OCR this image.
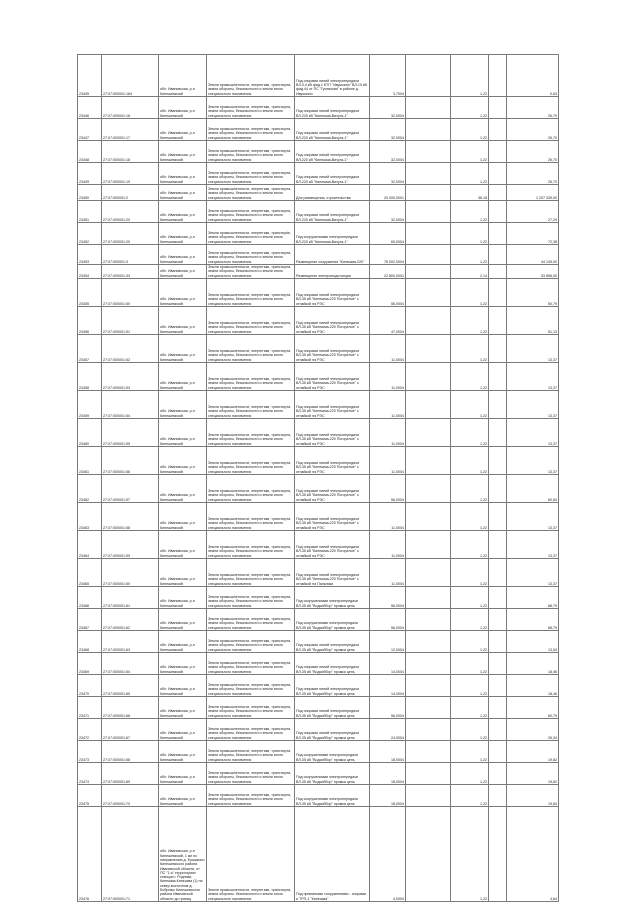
23445	27:07:000001:164	обл. Ивановская, р-н Кинешемский	Земли промышленности, энергетики, транспорта, земли обороны, безопасности и земли иного специального назначения	Под опорами линий электропередачи ВЛ-0,4 кВ фид.1 КТП "Ивушкино" ВЛ-10 кВ фид.44 от ПС "Гусевская" в районе д. Ивушкино	3,7004		1,22		0,63
23446	27:07:000001:16	обл. Ивановская, р-н Кинешемский	Земли промышленности, энергетики, транспорта, земли обороны, безопасности и земли иного специального назначения	Под опорами линий электропередачи ВЛ-220 кВ "Кинешма-Вичуга-1"	32,0004		1,22		26,70
23447	27:07:000001:17	обл. Ивановская, р-н Кинешемский	Земли промышленности, энергетики, транспорта, земли обороны, безопасности и земли иного специального назначения	Под опорами линий электропередачи ВЛ-220 кВ "Кинешма-Вичуга-1"	32,0004		1,22		26,70
23448	27:07:000001:18	обл. Ивановская, р-н Кинешемский	Земли промышленности, энергетики, транспорта, земли обороны, безопасности и земли иного специального назначения	Под опорами линий электропередачи ВЛ-220 кВ "Кинешма-Вичуга-1"	32,0004		1,22		26,70
23449	27:07:000001:19	обл. Ивановская, р-н Кинешемский	Земли промышленности, энергетики, транспорта, земли обороны, безопасности и земли иного специального назначения	Под опорами линий электропередачи ВЛ-220 кВ "Кинешма-Вичуга-1"	32,0004		1,22		26,70
23450	27:07:000001:2	обл. Ивановская, р-н Кинешемский	Земли промышленности, энергетики, транспорта, земли обороны, безопасности и земли иного специального назначения	Для размещения, строительства	20 000,0001		36,18		1 207 339,00
23451	27:07:000001:20	обл. Ивановская, р-н Кинешемский	Земли промышленности, энергетики, транспорта, земли обороны, безопасности и земли иного специального назначения	Под опорами линий электропередачи ВЛ-220 кВ "Кинешма-Вичуга-1"	32,0004		1,22		27,29
23452	27:07:000001:20	обл. Ивановская, р-н Кинешемский	Земли промышленности, энергетики, транспорta, земли обороны, безопасности и земли иного специального назначения	Под сооружениями электропередачи ВЛ-220 кВ "Кинешма-Вичуга-1"	60,0004		1,22		72,38
23453	27:07:000001:3	обл. Ивановская, р-н Кинешемский	Земли промышленности, энергетики, транспорта, земли обороны, безопасности и земли иного специального назначения	Размещение сооружения "Кинешма-220"	76 002,0004		1,22		44 149,00
23454	27:07:000001:33	обл. Ивановская, р-н Кинешемский	Земли промышленности, энергетики, транспорта, земли обороны, безопасности и земли иного специального назначения	Размещение электроподстанции	22 800,0001		2,14		53 856,00
23455	27:07:000001:50	обл. Ивановская, р-н Кинешемский	Земли промышленности, энергетики, транспорта, земли обороны, безопасности и земли иного специального назначения	Под опорами линий электропередачи ВЛ-35 кВ "Кинешма-220 Погорелое" с отпайкой на РЭС	56,0004		1,22		60,79
23456	27:07:000001:51	обл. Ивановская, р-н Кинешемский	Земли промышленности, энергетики, транспорта, земли обороны, безопасности и земли иного специального назначения	Под опорами линий электропередачи ВЛ-35 кВ "Кинешма-220 Погорелое" с отпайкой на РЭС	47,0004		1,22		51,13
23457	27:07:000001:52	обл. Ивановская, р-н Кинешемский	Земли промышленности, энергетики, транспорта, земли обороны, безопасности и земли иного специального назначения	Под опорами линий электропередачи ВЛ-35 кВ "Кинешма-220 Погорелое" с отпайкой на РЭС	11,0004		1,22		13,37
23458	27:07:000001:53	обл. Ивановская, р-н Кинешемский	Земли промышленности, энергетики, транспорта, земли обороны, безопасности и земли иного специального назначения	Под опорами линий электропередачи ВЛ-35 кВ "Кинешма-220 Погорелое" с отпайкой на РЭС	11,0004		1,22		13,37
23459	27:07:000001:54	обл. Ивановская, р-н Кинешемский	Земли промышленности, энергетики, транспорта, земли обороны, безопасности и земли иного специального назначения	Под опорами линий электропередачи ВЛ-35 кВ "Кинешма-220 Погорелое" с отпайкой на РЭС	11,0004		1,22		13,37
23460	27:07:000001:55	обл. Ивановская, р-н Кинешемский	Земли промышленности, энергетики, транспорта, земли обороны, безопасности и земли иного специального назначения	Под опорами линий электропередачи ВЛ-35 кВ "Кинешма-220 Погорелое" с отпайкой на РЭС	11,0004		1,22		13,37
23461	27:07:000001:56	обл. Ивановская, р-н Кинешемский	Земли промышленности, энергетики, транспорта, земли обороны, безопасности и земли иного специального назначения	Под опорами линий электропередачи ВЛ-35 кВ "Кинешма-220 Погорелое" с отпайкой на РЭС	11,0004		1,22		13,37
23462	27:07:000001:57	обл. Ивановская, р-н Кинешемский	Земли промышленности, энергетики, транспорта, земли обороны, безопасности и земли иного специального назначения	Под опорами линий электропередачи ВЛ-35 кВ "Кинешма-220 Погорелое" с отпайкой на РЭС	56,0004		1,22		60,84
23463	27:07:000001:58	обл. Ивановская, р-н Кинешемский	Земли промышленности, энергетики, транспорта, земли обороны, безопасности и земли иного специального назначения	Под опорами линий электропередачи ВЛ-35 кВ "Кинешма-220 Погорелое" с отпайкой на РЭС	11,0004		1,22		13,37
23464	27:07:000001:59	обл. Ивановская, р-н Кинешемский	Земли промышленности, энергетики, транспорта, земли обороны, безопасности и земли иного специального назначения	Под опорами линий электропередачи ВЛ-35 кВ "Кинешма-220 Погорелое" с отпайкой на РЭС	11,0004		1,22		13,37
23465	27:07:000001:60	обл. Ивановская, р-н Кинешемский	Земли промышленности, энергетики, транспорта, земли обороны, безопасности и земли иного специального назначения	Под опорами линий электропередачи ВЛ-35 кВ "Кинешма-220 Погорелое" с отпайкой на Пальники	11,0004		1,22		13,37
23466	27:07:000001:61	обл. Ивановская, р-н Кинешемский	Земли промышленности, энергетики, транспорта, земли обороны, безопасности и земли иного специального назначения	Под сооружениями электропередачи ВЛ-35 кВ "Водсиббор" промка цепь	56,0004		1,22		68,79
23467	27:07:000001:62	обл. Ивановская, р-н Кинешемский	Земли промышленности, энергетики, транспорта, земли обороны, безопасности и земли иного специального назначения	Под сооружениями электропередачи ВЛ-35 кВ "Водсиббор" промка цепь	56,0004		1,22		68,79
23468	27:07:000001:63	обл. Ивановская, р-н Кинешемский	Земли промышленности, энергетики, транспорта, земли обороны, безопасности и земли иного специального назначения	Под опорами линий электропередачи ВЛ-35 кВ "Водсиббор" промка цепь	12,0004		1,22		13,54
23469	27:07:000001:64	обл. Ивановская, р-н Кинешемский	Земли промышленности, энергетики, транспорта, земли обороны, безопасности и земли иного специального назначения	Под опорами линий электропередачи ВЛ-35 кВ "Водсиббор" промка цепь	14,0004		1,22		18,46
23470	27:07:000001:65	обл. Ивановская, р-н Кинешемский	Земли промышленности, энергетики, транспорта, земли обороны, безопасности и земли иного специального назначения	Под опорами линий электропередачи ВЛ-35 кВ "Водсиббор" промка цепь	14,0004		1,22		18,46
23471	27:07:000001:66	обл. Ивановская, р-н Кинешемский	Земли промышленности, энергетики, транспорта, земли обороны, безопасности и земли иного специального назначения	Под опорами линий электропередачи ВЛ-35 кВ "Водсиббор" промка цепь	56,0004		1,22		60,79
23472	27:07:000001:67	обл. Ивановская, р-н Кинешемский	Земли промышленности, энергетики, транспорта, земли обороны, безопасности и земли иного специального назначения	Под опорами линий электропередачи ВЛ-35 кВ "Водсиббор" промка цепь	24,0004		1,22		26,34
23473	27:07:000001:68	обл. Ивановская, р-н Кинешемский	Земли промышленности, энергетики, транспорта, земли обороны, безопасности и земли иного специального назначения	Под сооружениями электропередачи ВЛ-35 кВ "Водсиббор" промка цепь	18,0004		1,22		19,82
23474	27:07:000001:69	обл. Ивановская, р-н Кинешемский	Земли промышленности, энергетики, транспорта, земли обороны, безопасности и земли иного специального назначения	Под сооружениями электропередачи ВЛ-35 кВ "Водсиббор" промка цепь	18,0004		1,22		19,82
23475	27:07:000001:70	обл. Ивановская, р-н Кинешемский	Земли промышленности, энергетики, транспорта, земли обороны, безопасности и земли иного специального назначения	Под сооружениями электропередачи ВЛ-35 кВ "Водсиббор" промка цепь	18,0004		1,22		19,84
23476	27:07:000001:71	обл. Ивановская, р-н Кинешемский, 1 км по направлению д. Ершакино Кинешемского района Ивановской области, от ПС "1-я" территориях станции г. Родники, Кинешма-Кинешма (1) на север-восточном д. Бобровы Кинешемского района Ивановской области до границ	Земли промышленности, энергетики, транспорта, земли обороны, безопасности и земли иного специального назначения	Под приемными сооружениями - спирами и ТРП-1 "Кинешма"	4,0004		1,22		4,64
